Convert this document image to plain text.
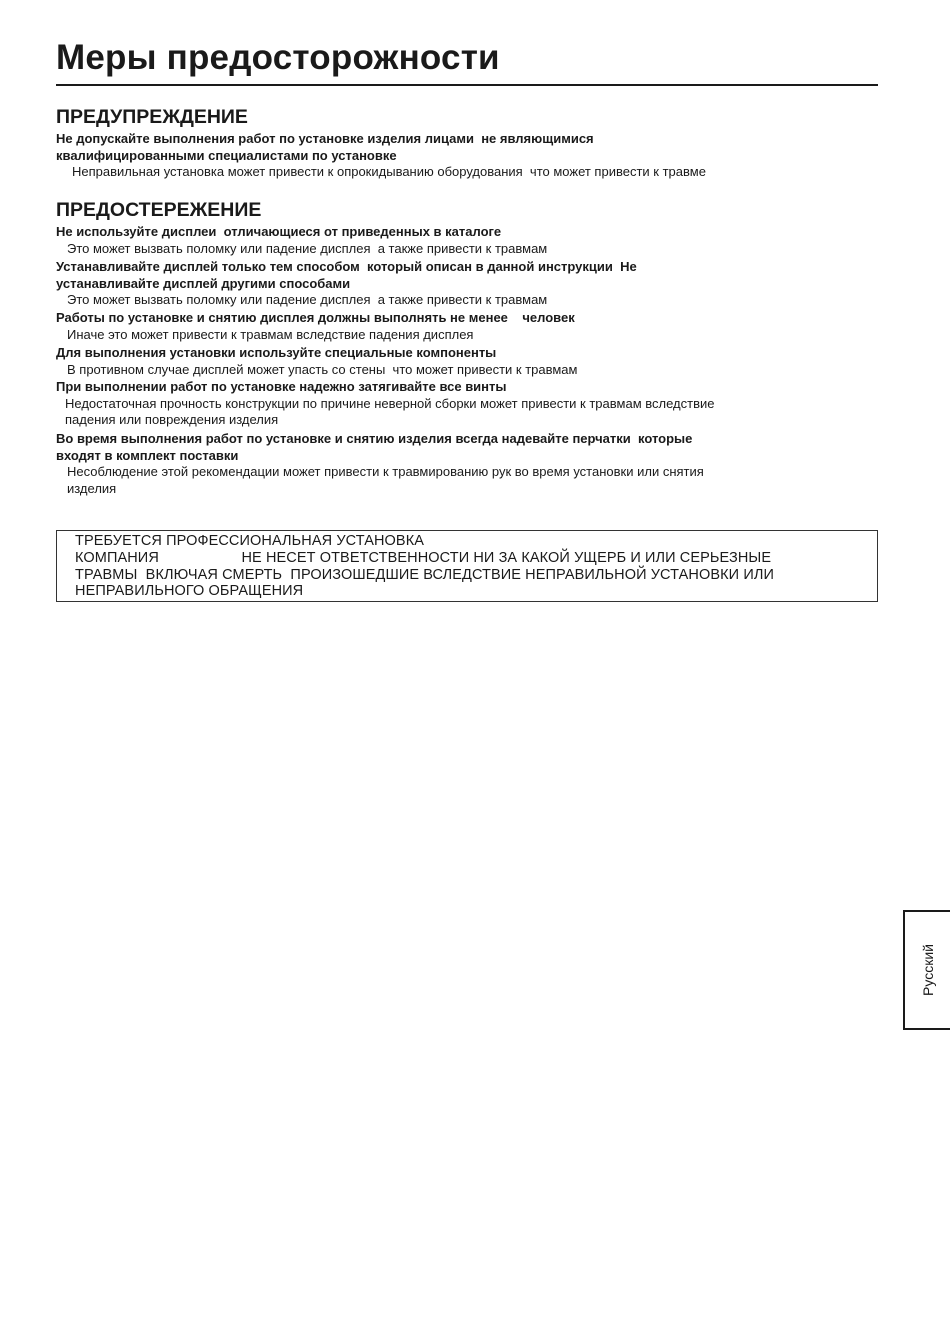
Меры предосторожности
ПРЕДУПРЕЖДЕНИЕ

Не допускайте выполнения работ по установке изделия лицами  не являющимися

квалифицированными специалистами по установке

Неправильная установка может привести к опрокидыванию оборудования  что может привести к травме

ПРЕДОСТЕРЕЖЕНИЕ

Не используйте дисплеи  отличающиеся от приведенных в каталоге

Это может вызвать поломку или падение дисплея  а также привести к травмам

Устанавливайте дисплей только тем способом  который описан в данной инструкции  Не

устанавливайте дисплей другими способами

Это может вызвать поломку или падение дисплея  а также привести к травмам

Работы по установке и снятию дисплея должны выполнять не менее    человек

Иначе это может привести к травмам вследствие падения дисплея

Для выполнения установки используйте специальные компоненты

В противном случае дисплей может упасть со стены  что может привести к травмам

При выполнении работ по установке надежно затягивайте все винты

Недостаточная прочность конструкции по причине неверной сборки может привести к травмам вследствие

падения или повреждения изделия

Во время выполнения работ по установке и снятию изделия всегда надевайте перчатки  которые

входят в комплект поставки

Несоблюдение этой рекомендации может привести к травмированию рук во время установки или снятия

изделия

ТРЕБУЕТСЯ ПРОФЕССИОНАЛЬНАЯ УСТАНОВКА
КОМПАНИЯ                    НЕ НЕСЕТ ОТВЕТСТВЕННОСТИ НИ ЗА КАКОЙ УЩЕРБ И ИЛИ СЕРЬЕЗНЫЕ
ТРАВМЫ  ВКЛЮЧАЯ СМЕРТЬ  ПРОИЗОШЕДШИЕ ВСЛЕДСТВИЕ НЕПРАВИЛЬНОЙ УСТАНОВКИ ИЛИ
НЕПРАВИЛЬНОГО ОБРАЩЕНИЯ
Русский
